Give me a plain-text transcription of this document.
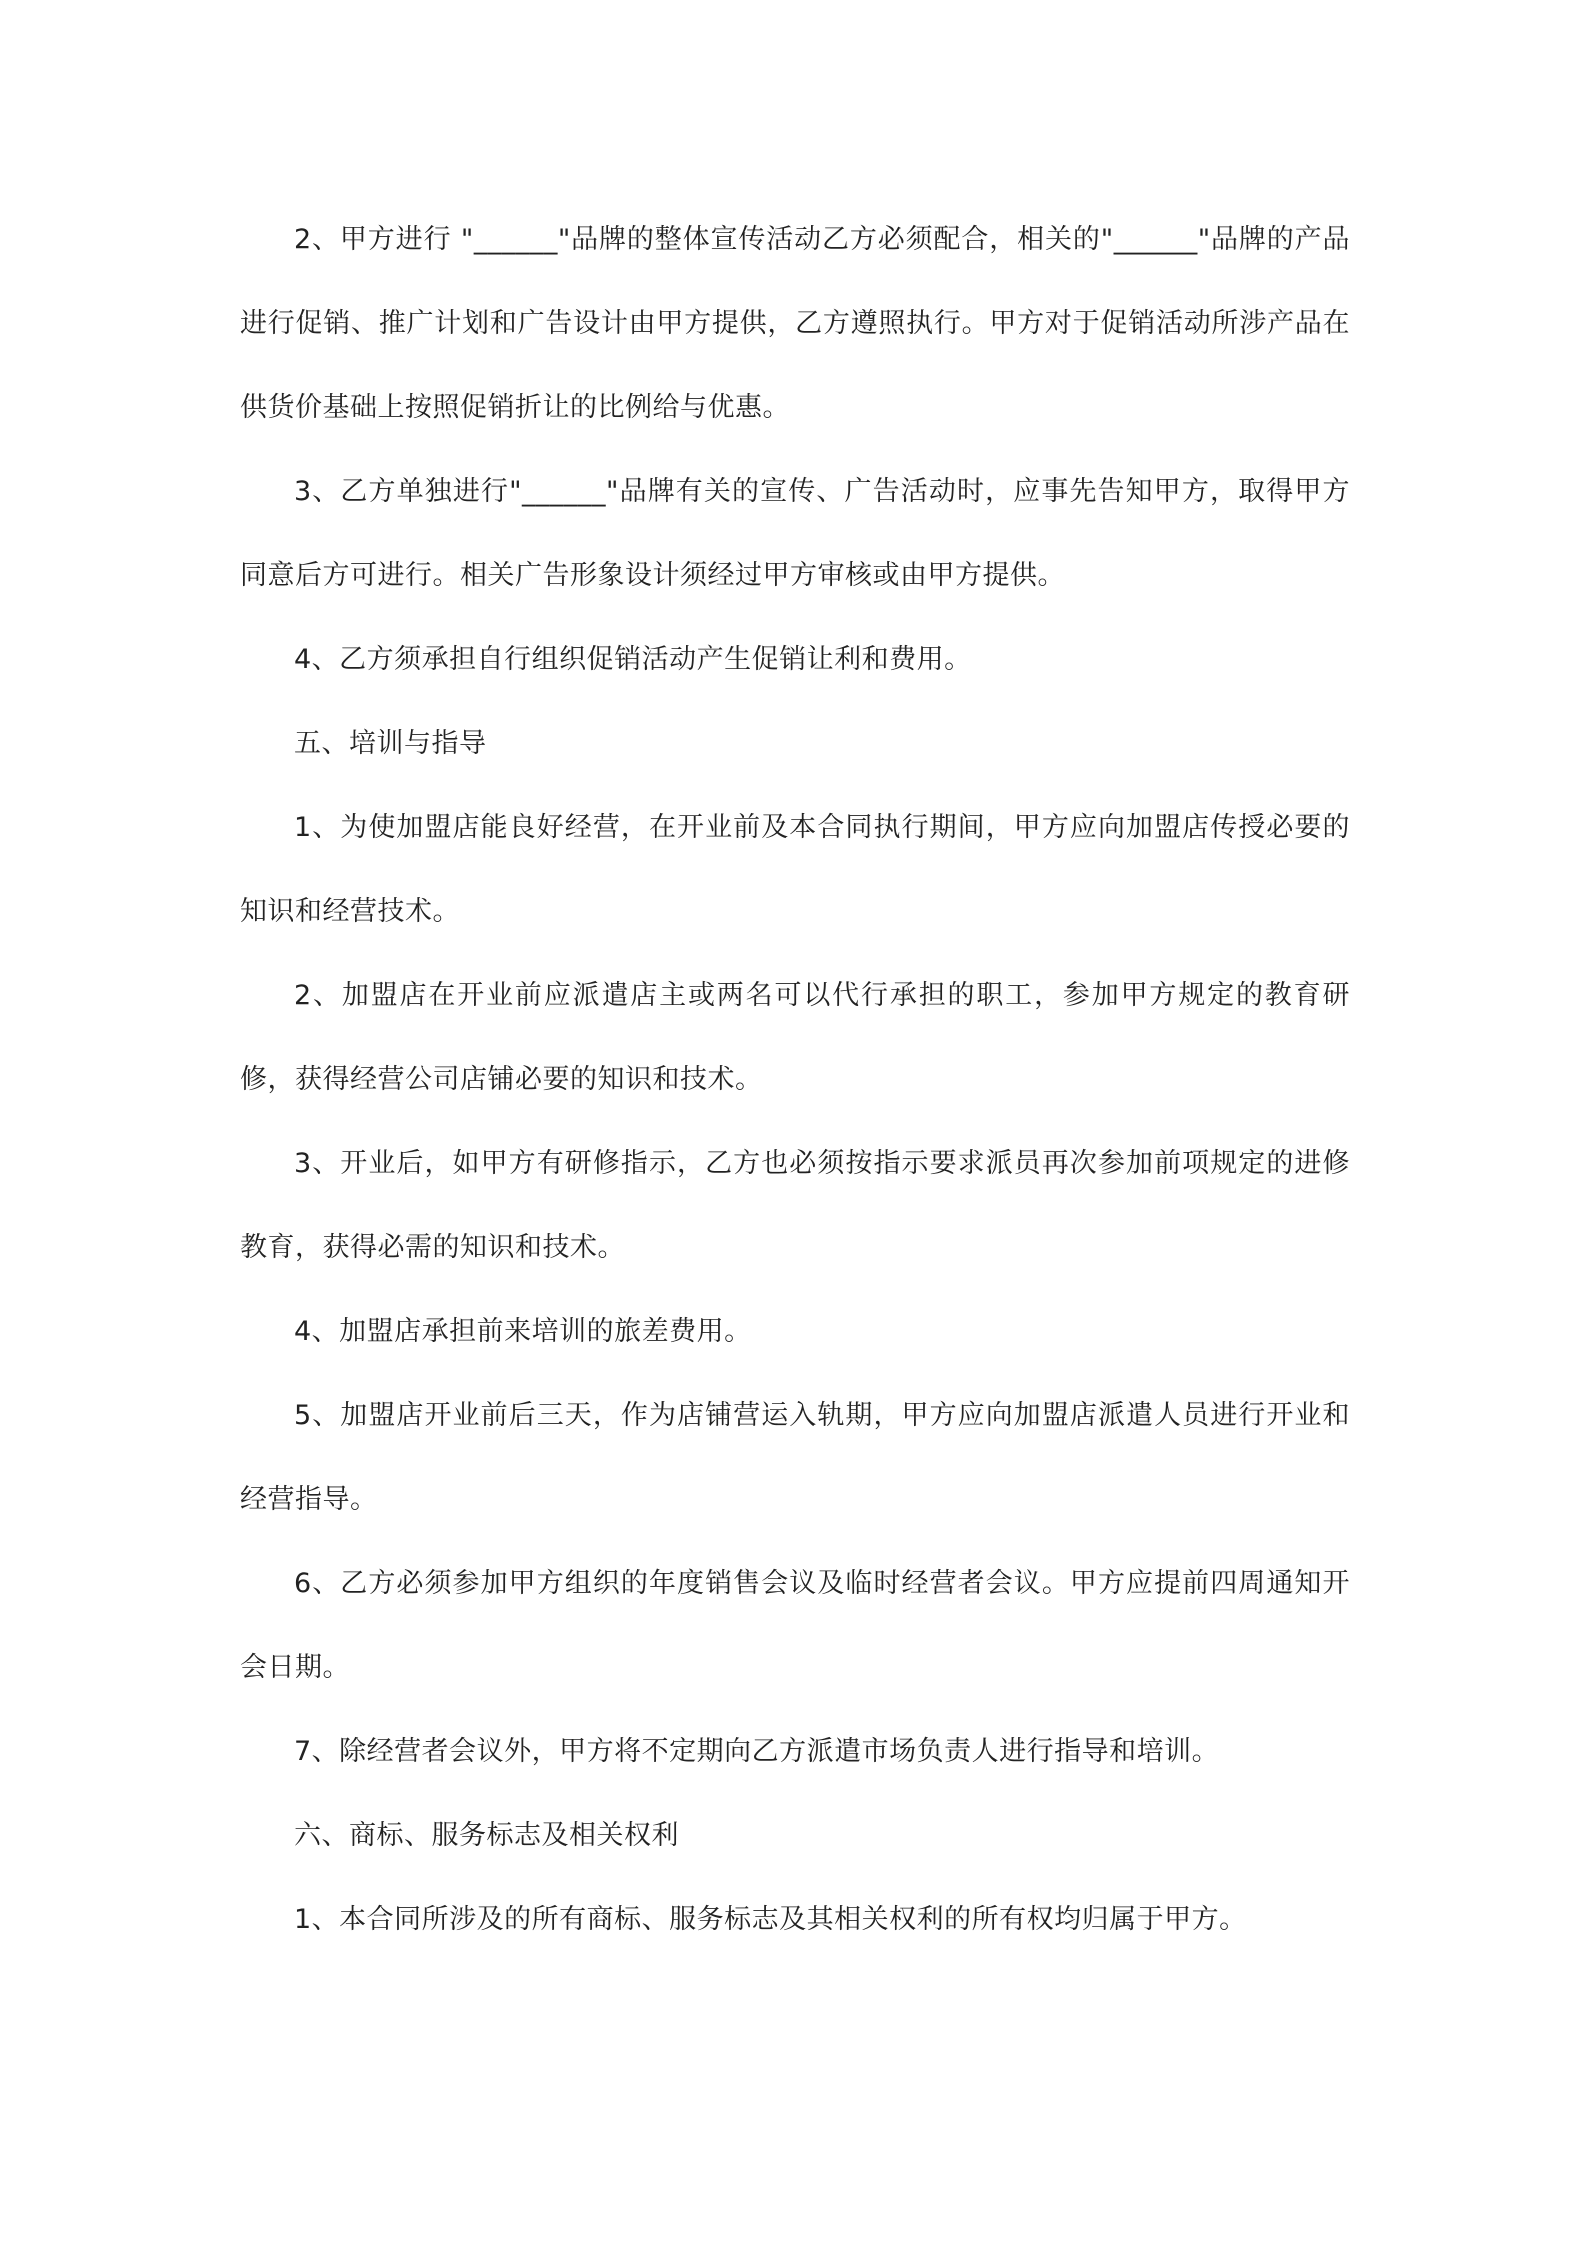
2、甲方进行 "______"品牌的整体宣传活动乙方必须配合，相关的"______"品牌的产品进行促销、推广计划和广告设计由甲方提供，乙方遵照执行。甲方对于促销活动所涉产品在供货价基础上按照促销折让的比例给与优惠。

3、乙方单独进行"______"品牌有关的宣传、广告活动时，应事先告知甲方，取得甲方同意后方可进行。相关广告形象设计须经过甲方审核或由甲方提供。

4、乙方须承担自行组织促销活动产生促销让利和费用。

五、培训与指导

1、为使加盟店能良好经营，在开业前及本合同执行期间，甲方应向加盟店传授必要的知识和经营技术。

2、加盟店在开业前应派遣店主或两名可以代行承担的职工，参加甲方规定的教育研修，获得经营公司店铺必要的知识和技术。

3、开业后，如甲方有研修指示，乙方也必须按指示要求派员再次参加前项规定的进修教育，获得必需的知识和技术。

4、加盟店承担前来培训的旅差费用。

5、加盟店开业前后三天，作为店铺营运入轨期，甲方应向加盟店派遣人员进行开业和经营指导。

6、乙方必须参加甲方组织的年度销售会议及临时经营者会议。甲方应提前四周通知开会日期。

7、除经营者会议外，甲方将不定期向乙方派遣市场负责人进行指导和培训。

六、商标、服务标志及相关权利

1、本合同所涉及的所有商标、服务标志及其相关权利的所有权均归属于甲方。
